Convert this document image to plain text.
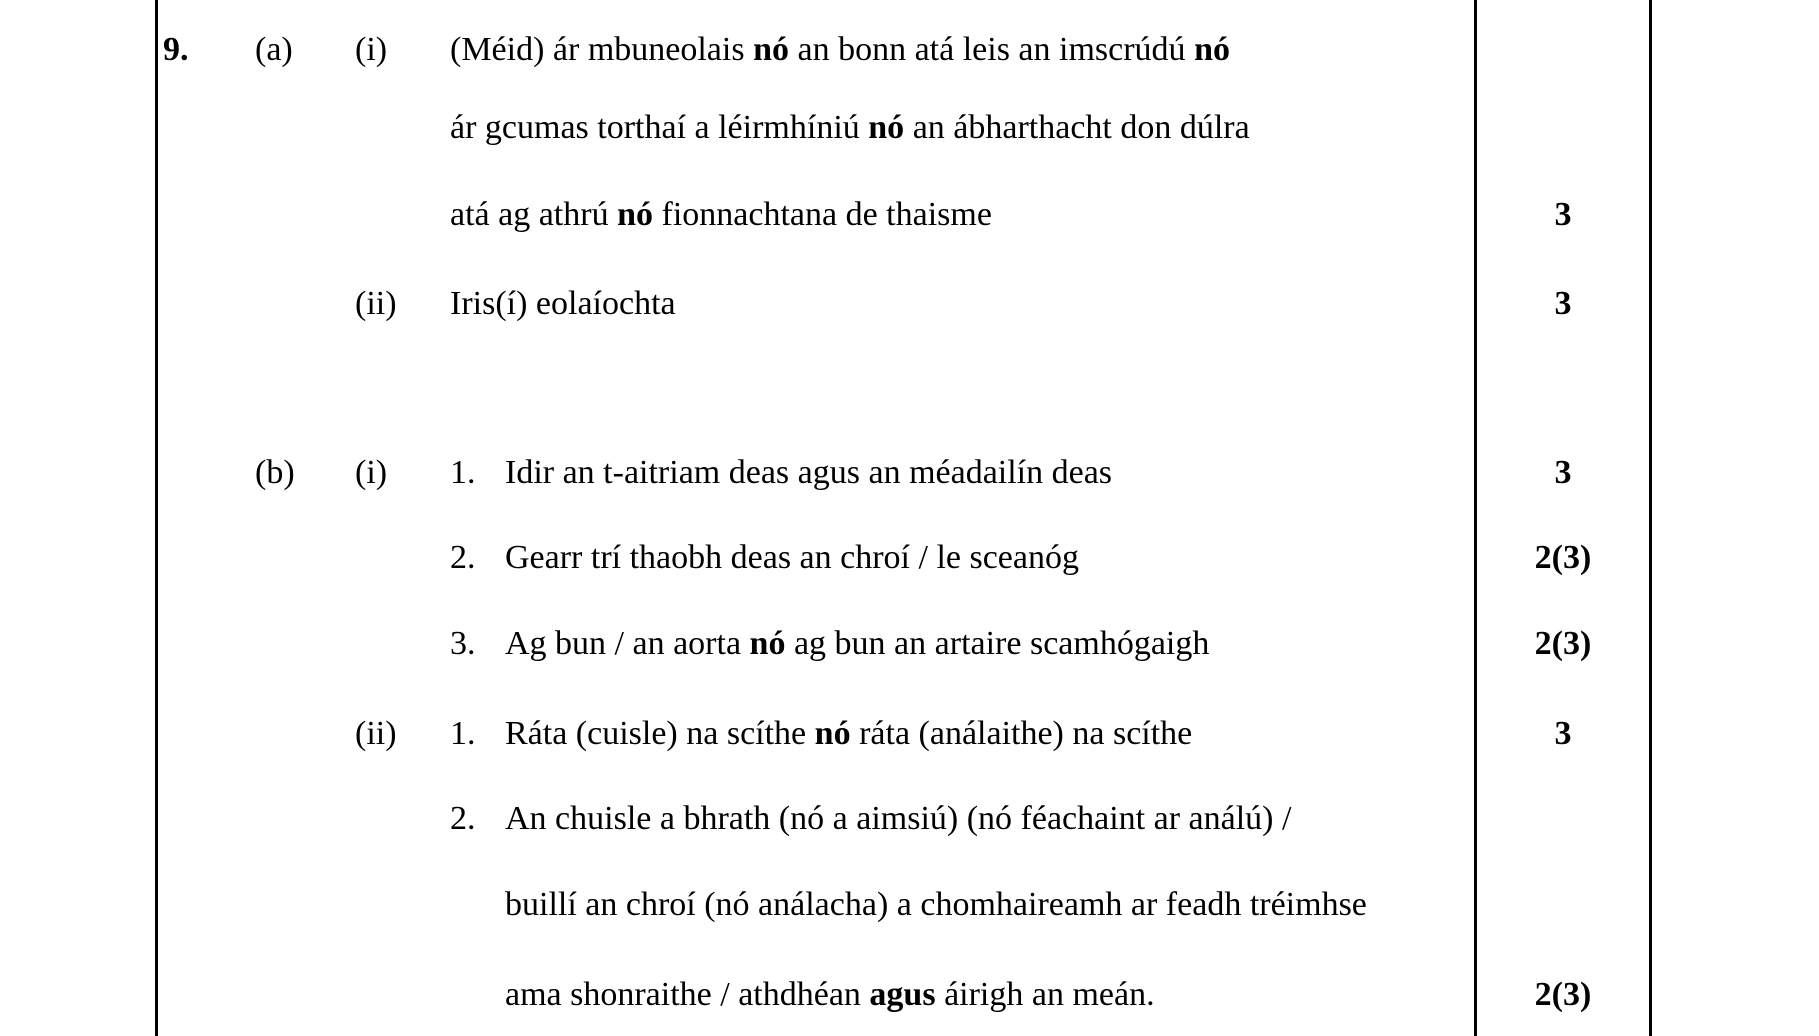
9. (a) (i) (Méid) ár mbuneolais nó an bonn atá leis an imscrúdú nó
ár gcumas torthaí a léirmhíniú nó an ábharthacht don dúlra
atá ag athrú nó fionnachtana de thaisme	3
(ii) Iris(í) eolaíochta	3
(b) (i) 1. Idir an t-aitriam deas agus an méadailín deas	3
2. Gearr trí thaobh deas an chroí / le sceanóg	2(3)
3. Ag bun / an aorta nó ag bun an artaire scamhógaigh	2(3)
(ii) 1. Ráta (cuisle) na scíthe nó ráta (análaithe) na scíthe	3
2. An chuisle a bhrath (nó a aimsiú) (nó féachaint ar análú) /
buillí an chroí (nó análacha) a chomhaireamh ar feadh tréimhse
ama shonraithe / athdhéan agus áirigh an meán.	2(3)
